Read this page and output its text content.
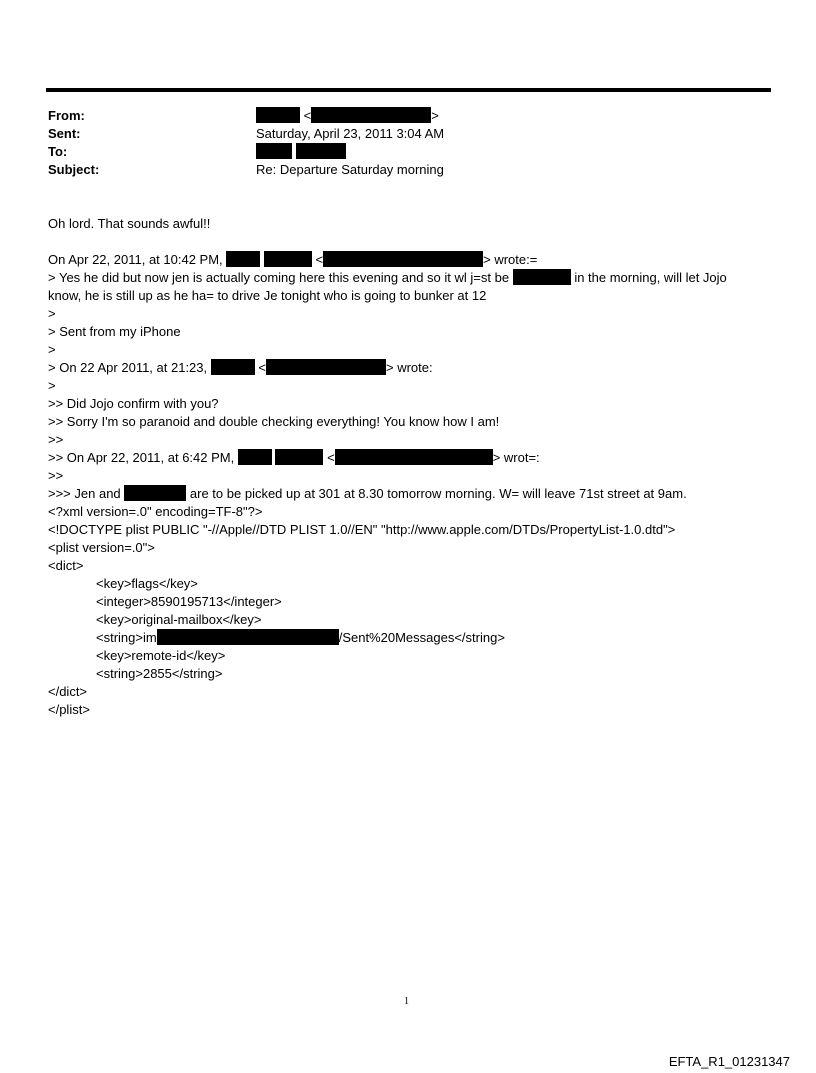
From:	<	>
Sent:	Saturday, April 23, 2011 3:04 AM
To:

Subject:	Re: Departure Saturday morning
Oh lord. That sounds awful!!
On Apr 22, 2011, at 10:42 PM,	<	> wrote:=
> Yes he did but now jen is actually coming here this evening and so it wl j=st be	in the morning, will let Jojo
know, he is still up as he ha= to drive Je tonight who is going to bunker at 12
>
> Sent from my iPhone
>
> On 22 Apr 2011, at 21:23,	<	> wrote:
>
>> Did Jojo confirm with you?
>> Sorry I'm so paranoid and double checking everything! You know how I am!
>>
>> On Apr 22, 2011, at 6:42 PM,	<	> wrot=:
>>
>>> Jen and	are to be picked up at 301 at 8.30 tomorrow morning. W= will leave 71st street at 9am.
<?xml version=.0" encoding=TF-8"?>
<!DOCTYPE plist PUBLIC "-//Apple//DTD PLIST 1.0//EN" "http://www.apple.com/DTDs/PropertyList-1.0.dtd">
<plist version=.0">
<dict>
<key>flags</key>
<integer>8590195713</integer>
<key>original-mailbox</key>
<string>im	/Sent%20Messages</string>
<key>remote-id</key>
<string>2855</string>
</dict>
</plist>
1
EFTA_R1_01231347
